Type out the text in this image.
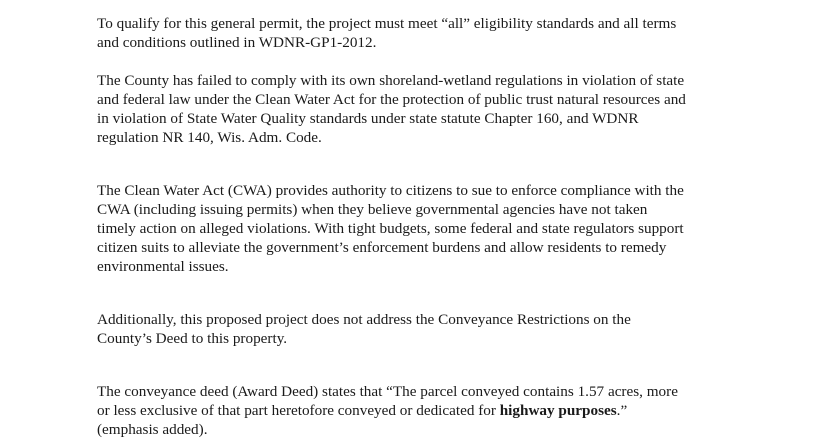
To qualify for this general permit, the project must meet “all” eligibility standards and all terms
and conditions outlined in WDNR-GP1-2012.

The County has failed to comply with its own shoreland-wetland regulations in violation of state
and federal law under the Clean Water Act for the protection of public trust natural resources and
in violation of State Water Quality standards under state statute Chapter 160, and WDNR
regulation NR 140, Wis. Adm. Code.

The Clean Water Act (CWA) provides authority to citizens to sue to enforce compliance with the
CWA (including issuing permits) when they believe governmental agencies have not taken
timely action on alleged violations. With tight budgets, some federal and state regulators support
citizen suits to alleviate the government’s enforcement burdens and allow residents to remedy
environmental issues.

Additionally, this proposed project does not address the Conveyance Restrictions on the
County’s Deed to this property.

The conveyance deed (Award Deed) states that “The parcel conveyed contains 1.57 acres, more
or less exclusive of that part heretofore conveyed or dedicated for highway purposes.”
(emphasis added).
